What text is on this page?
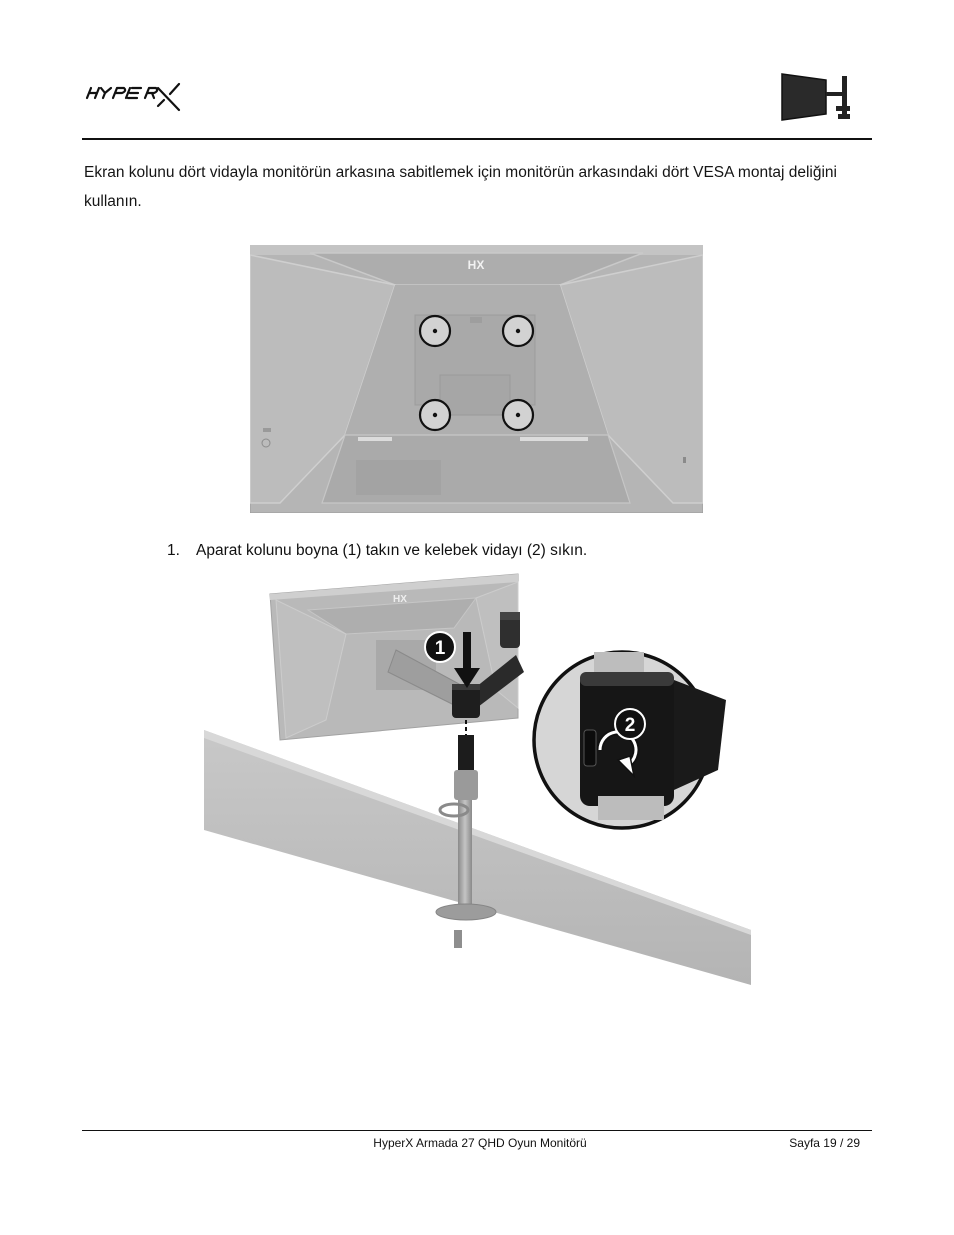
Ekran kolunu dört vidayla monitörün arkasına sabitlemek için monitörün arkasındaki dört VESA montaj deliğini kullanın.

HX
1.	Aparat kolunu boyna (1) takın ve kelebek vidayı (2) sıkın.
HX
1
2
HyperX Armada 27 QHD Oyun Monitörü	Sayfa 19 / 29
